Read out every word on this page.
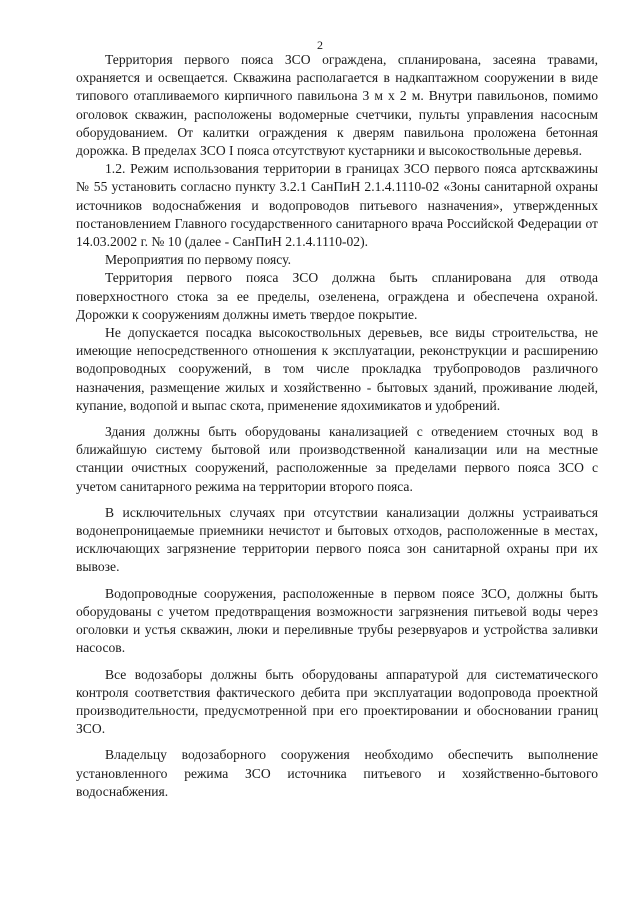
2

Территория первого пояса ЗСО ограждена, спланирована, засеяна травами, охраняется и освещается. Скважина располагается в надкаптажном сооружении в виде типового отапливаемого кирпичного павильона 3 м х 2 м. Внутри павильонов, помимо оголовок скважин, расположены водомерные счетчики, пульты управления насосным оборудованием. От калитки ограждения к дверям павильона проложена бетонная дорожка. В пределах ЗСО I пояса отсутствуют кустарники и высокоствольные деревья.

1.2. Режим использования территории в границах ЗСО первого пояса артскважины № 55 установить согласно пункту 3.2.1 СанПиН 2.1.4.1110-02 «Зоны санитарной охраны источников водоснабжения и водопроводов питьевого назначения», утвержденных постановлением Главного государственного санитарного врача Российской Федерации от 14.03.2002 г. № 10 (далее - СанПиН 2.1.4.1110-02).

Мероприятия по первому поясу.

Территория первого пояса ЗСО должна быть спланирована для отвода поверхностного стока за ее пределы, озеленена, ограждена и обеспечена охраной. Дорожки к сооружениям должны иметь твердое покрытие.

Не допускается посадка высокоствольных деревьев, все виды строительства, не имеющие непосредственного отношения к эксплуатации, реконструкции и расширению водопроводных сооружений, в том числе прокладка трубопроводов различного назначения, размещение жилых и хозяйственно - бытовых зданий, проживание людей, купание, водопой и выпас скота, применение ядохимикатов и удобрений.

Здания должны быть оборудованы канализацией с отведением сточных вод в ближайшую систему бытовой или производственной канализации или на местные станции очистных сооружений, расположенные за пределами первого пояса ЗСО с учетом санитарного режима на территории второго пояса.

В исключительных случаях при отсутствии канализации должны устраиваться водонепроницаемые приемники нечистот и бытовых отходов, расположенные в местах, исключающих загрязнение территории первого пояса зон санитарной охраны при их вывозе.

Водопроводные сооружения, расположенные в первом поясе ЗСО, должны быть оборудованы с учетом предотвращения возможности загрязнения питьевой воды через оголовки и устья скважин, люки и переливные трубы резервуаров и устройства заливки насосов.

Все водозаборы должны быть оборудованы аппаратурой для систематического контроля соответствия фактического дебита при эксплуатации водопровода проектной производительности, предусмотренной при его проектировании и обосновании границ ЗСО.

Владельцу водозаборного сооружения необходимо обеспечить выполнение установленного режима ЗСО источника питьевого и хозяйственно-бытового водоснабжения.
